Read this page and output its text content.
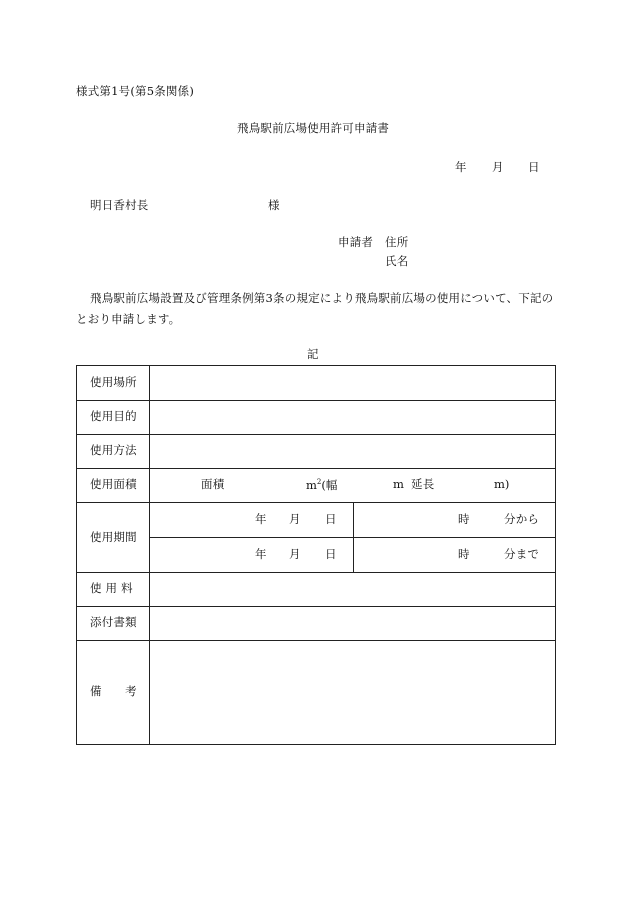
様式第1号(第5条関係)
飛鳥駅前広場使用許可申請書
年 月 日
明日香村長	様
申請者 住所
氏名
飛鳥駅前広場設置及び管理条例第3条の規定により飛鳥駅前広場の使用について、下記の
とおり申請します。
記
使用場所
使用目的
使用方法
使用面積	面積	$m^2$(幅	m 延長	m)
使用期間
年 月 日	時	分から
年 月 日	時	分まで
使 用 料
添付書類
備　　考
